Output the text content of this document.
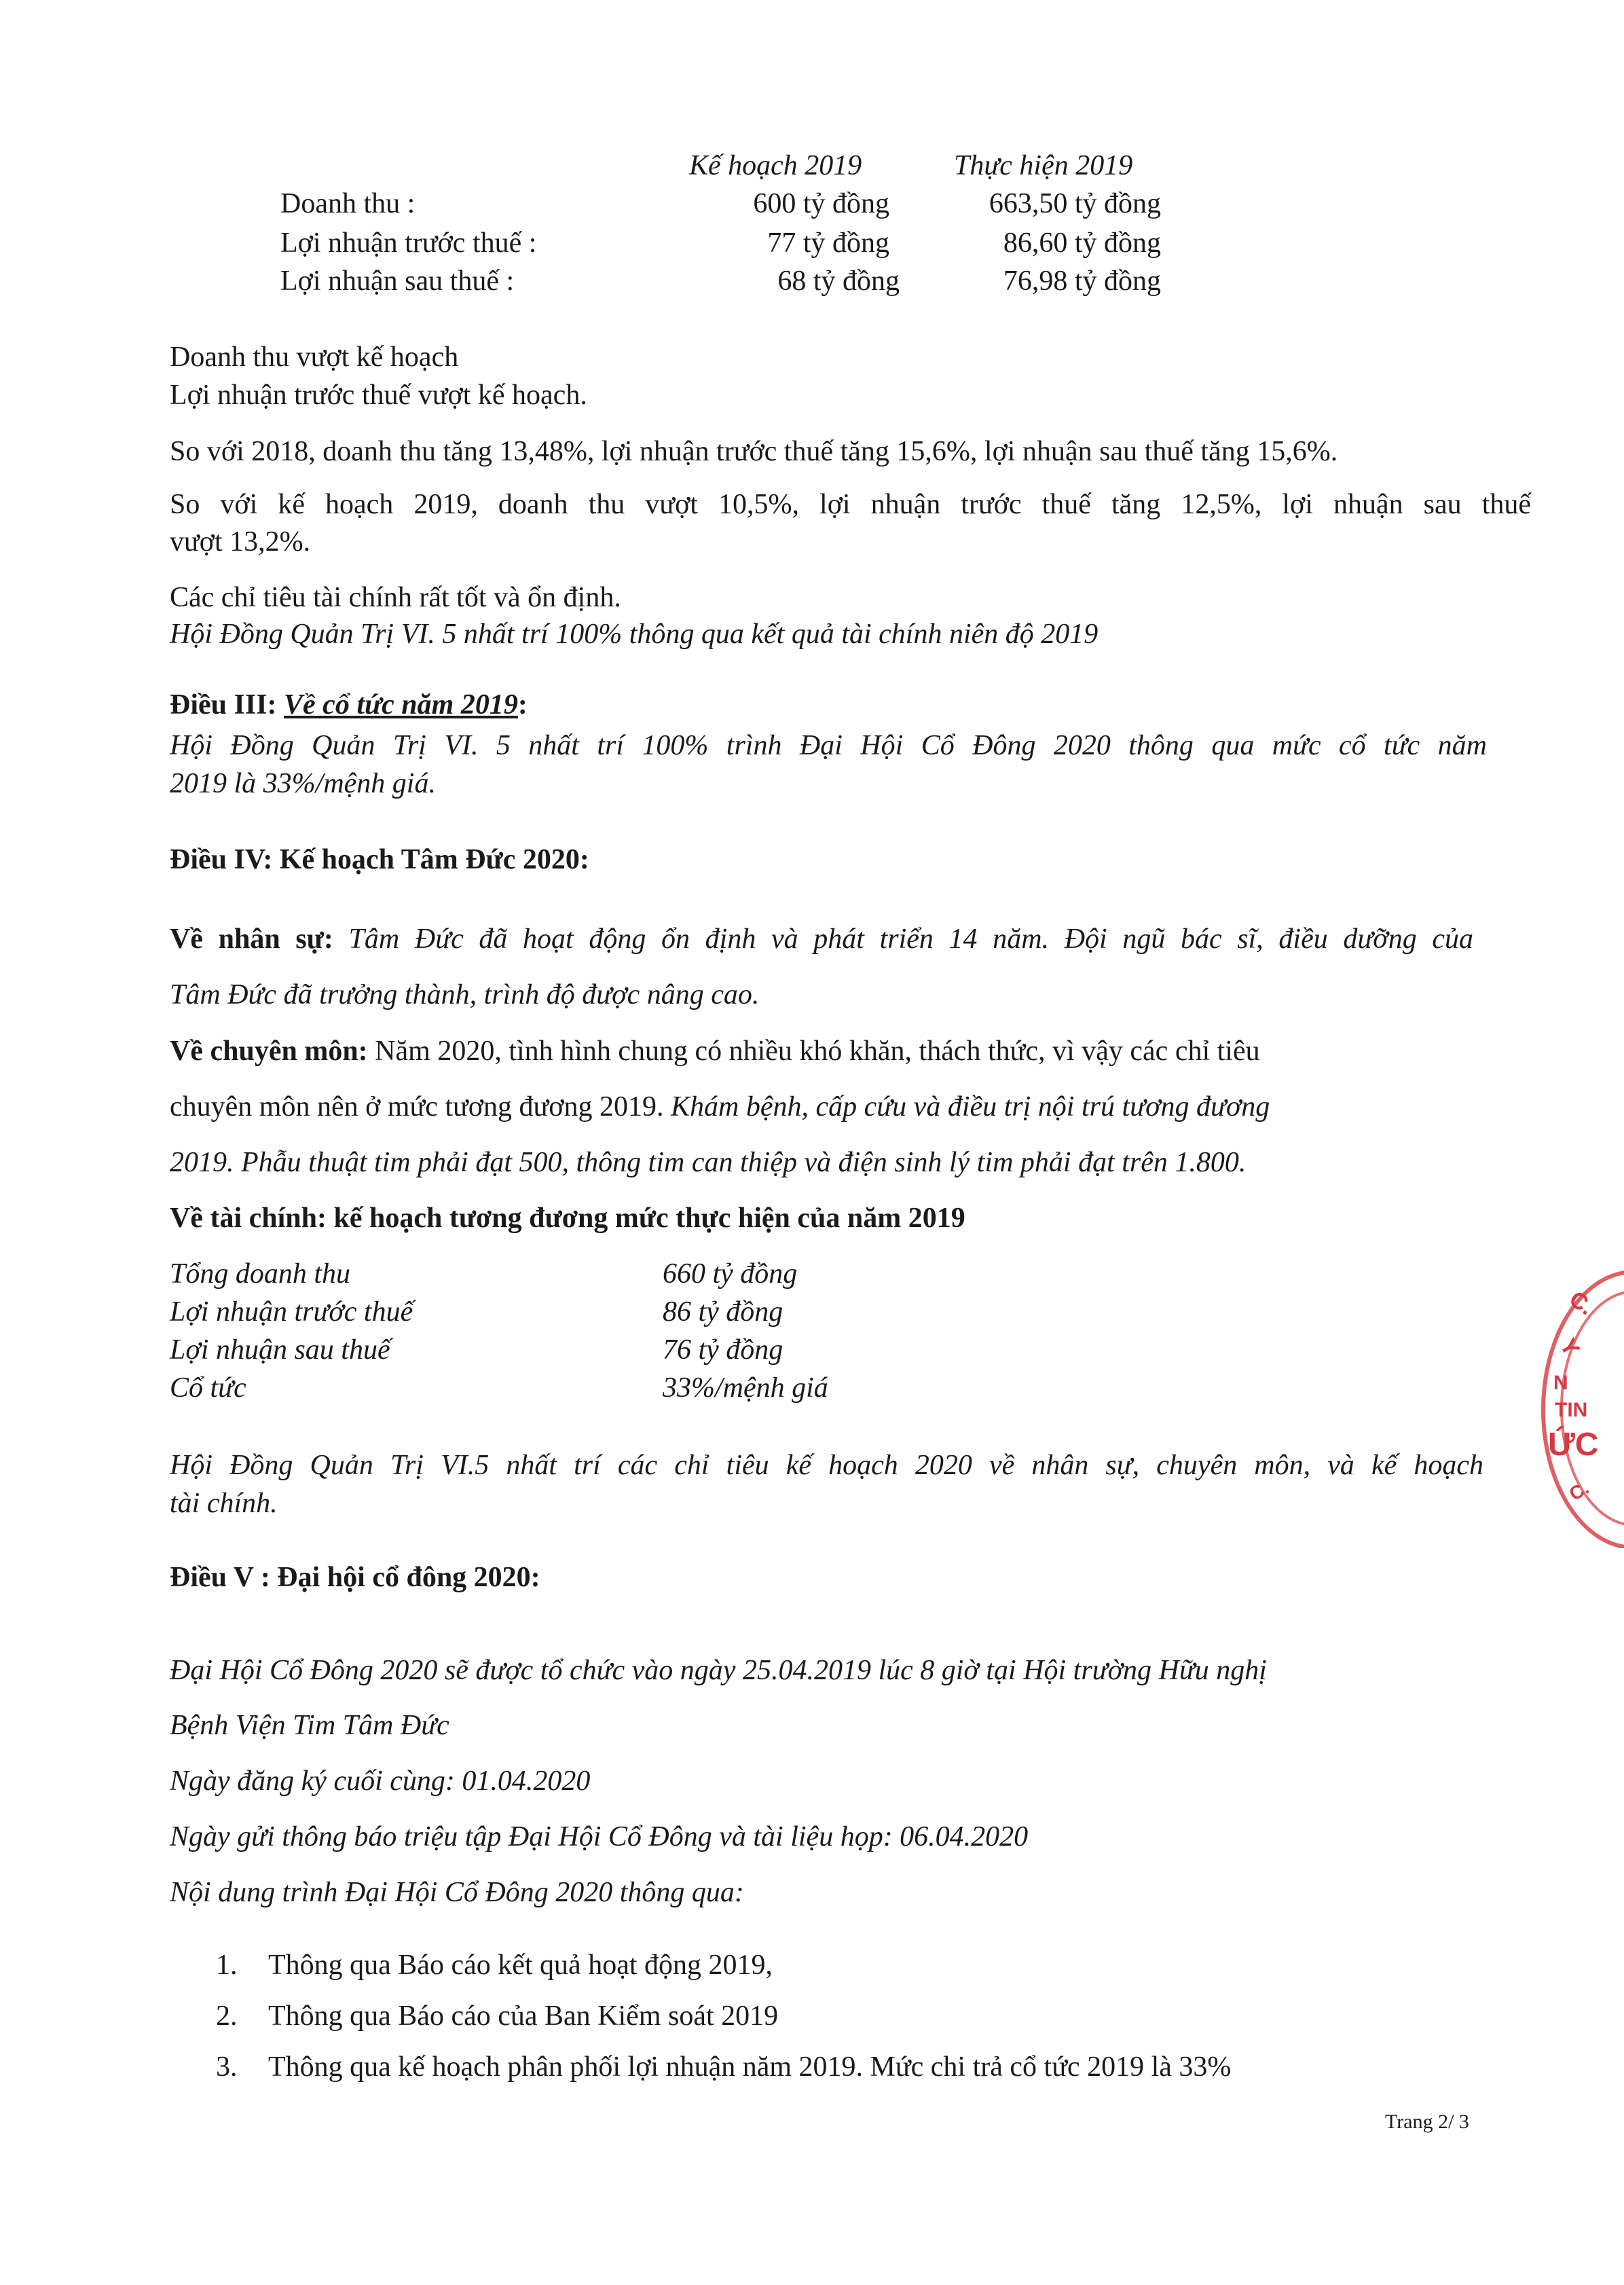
Kế hoạch 2019	Thực hiện 2019
Doanh thu :	600 tỷ đồng	663,50 tỷ đồng
Lợi nhuận trước thuế :	77 tỷ đồng	86,60 tỷ đồng
Lợi nhuận sau thuế :	68 tỷ đồng	76,98 tỷ đồng
Doanh thu vượt kế hoạch
Lợi nhuận trước thuế vượt kế hoạch.
So với 2018, doanh thu tăng 13,48%, lợi nhuận trước thuế tăng 15,6%, lợi nhuận sau thuế tăng 15,6%.
So với kế hoạch 2019, doanh thu vượt 10,5%, lợi nhuận trước thuế tăng 12,5%, lợi nhuận sau thuế
vượt 13,2%.
Các chỉ tiêu tài chính rất tốt và ổn định.
Hội Đồng Quản Trị VI. 5 nhất trí 100% thông qua kết quả tài chính niên độ 2019
Điều III: Về cổ tức năm 2019:
Hội Đồng Quản Trị VI. 5 nhất trí 100% trình Đại Hội Cổ Đông 2020 thông qua mức cổ tức năm
2019 là 33%/mệnh giá.
Điều IV: Kế hoạch Tâm Đức 2020:
Về nhân sự: Tâm Đức đã hoạt động ổn định và phát triển 14 năm. Đội ngũ bác sĩ, điều dưỡng của
Tâm Đức đã trưởng thành, trình độ được nâng cao.
Về chuyên môn: Năm 2020, tình hình chung có nhiều khó khăn, thách thức, vì vậy các chỉ tiêu
chuyên môn nên ở mức tương đương 2019. Khám bệnh, cấp cứu và điều trị nội trú tương đương
2019. Phẫu thuật tim phải đạt 500, thông tim can thiệp và điện sinh lý tim phải đạt trên 1.800.
Về tài chính: kế hoạch tương đương mức thực hiện của năm 2019
Tổng doanh thu	660 tỷ đồng
Lợi nhuận trước thuế	86 tỷ đồng
Lợi nhuận sau thuế	76 tỷ đồng
Cổ tức	33%/mệnh giá
Hội Đồng Quản Trị VI.5 nhất trí các chỉ tiêu kế hoạch 2020 về nhân sự, chuyên môn, và kế hoạch
tài chính.
Điều V : Đại hội cổ đông 2020:
Đại Hội Cổ Đông 2020 sẽ được tổ chức vào ngày 25.04.2019 lúc 8 giờ tại Hội trường Hữu nghị
Bệnh Viện Tim Tâm Đức
Ngày đăng ký cuối cùng: 01.04.2020
Ngày gửi thông báo triệu tập Đại Hội Cổ Đông và tài liệu họp: 06.04.2020
Nội dung trình Đại Hội Cổ Đông 2020 thông qua:
1. Thông qua Báo cáo kết quả hoạt động 2019,
2. Thông qua Báo cáo của Ban Kiểm soát 2019
3. Thông qua kế hoạch phân phối lợi nhuận năm 2019. Mức chi trả cổ tức 2019 là 33%
Trang 2/ 3
C.
Y
N
TIN
ỨC
C.
